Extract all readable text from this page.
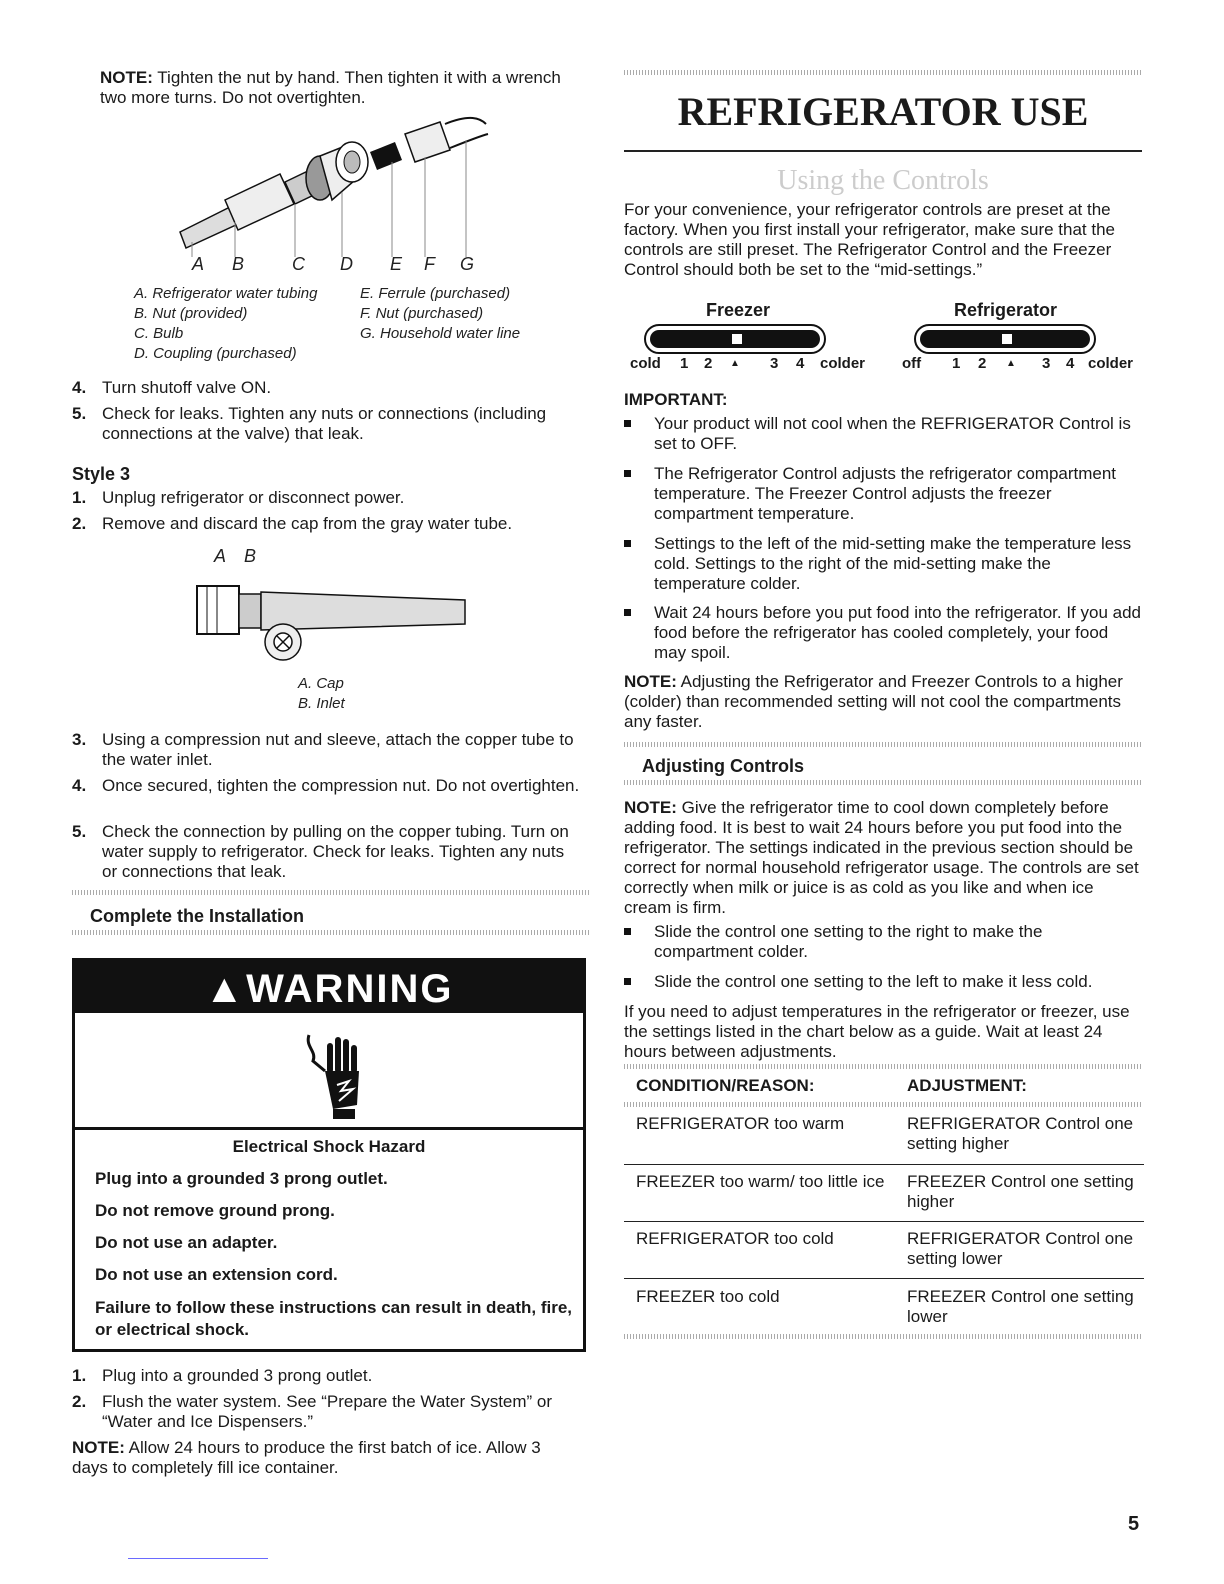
NOTE: Tighten the nut by hand. Then tighten it with a wrench two more turns. Do not overtighten.
A B	C D E F G
A. Refrigerator water tubing
B. Nut (provided)
C. Bulb
D. Coupling (purchased)
E. Ferrule (purchased)
F. Nut (purchased)
G. Household water line
4. Turn shutoff valve ON.
5. Check for leaks. Tighten any nuts or connections (including connections at the valve) that leak.
Style 3
1. Unplug refrigerator or disconnect power.
2. Remove and discard the cap from the gray water tube.
A B
A. Cap
B. Inlet
3. Using a compression nut and sleeve, attach the copper tube to the water inlet.
4. Once secured, tighten the compression nut. Do not overtighten.
5. Check the connection by pulling on the copper tubing. Turn on water supply to refrigerator. Check for leaks. Tighten any nuts or connections that leak.
Complete the Installation
▲WARNING
Electrical Shock Hazard
Plug into a grounded 3 prong outlet.
Do not remove ground prong.
Do not use an adapter.
Do not use an extension cord.
Failure to follow these instructions can result in death, fire, or electrical shock.
1. Plug into a grounded 3 prong outlet.
2. Flush the water system. See “Prepare the Water System” or “Water and Ice Dispensers.”
NOTE: Allow 24 hours to produce the first batch of ice. Allow 3 days to completely fill ice container.
REFRIGERATOR USE
Using the Controls
For your convenience, your refrigerator controls are preset at the factory. When you first install your refrigerator, make sure that the controls are still preset. The Refrigerator Control and the Freezer Control should both be set to the “mid-settings.”
Freezer	Refrigerator
cold 1 2 ▲ 3 4 colder off 1 2 ▲ 3 4 colder
IMPORTANT:
Your product will not cool when the REFRIGERATOR Control is set to OFF.
The Refrigerator Control adjusts the refrigerator compartment temperature. The Freezer Control adjusts the freezer compartment temperature.
Settings to the left of the mid-setting make the temperature less cold. Settings to the right of the mid-setting make the temperature colder.
Wait 24 hours before you put food into the refrigerator. If you add food before the refrigerator has cooled completely, your food may spoil.
NOTE: Adjusting the Refrigerator and Freezer Controls to a higher (colder) than recommended setting will not cool the compartments any faster.
Adjusting Controls
NOTE: Give the refrigerator time to cool down completely before adding food. It is best to wait 24 hours before you put food into the refrigerator. The settings indicated in the previous section should be correct for normal household refrigerator usage. The controls are set correctly when milk or juice is as cold as you like and when ice cream is firm.
Slide the control one setting to the right to make the compartment colder.
Slide the control one setting to the left to make it less cold.
If you need to adjust temperatures in the refrigerator or freezer, use the settings listed in the chart below as a guide. Wait at least 24 hours between adjustments.
CONDITION/REASON:	ADJUSTMENT:
REFRIGERATOR too warm	REFRIGERATOR Control one setting higher
FREEZER too warm/ too little ice	FREEZER Control one setting higher
REFRIGERATOR too cold	REFRIGERATOR Control one setting lower
FREEZER too cold	FREEZER Control one setting lower
5
